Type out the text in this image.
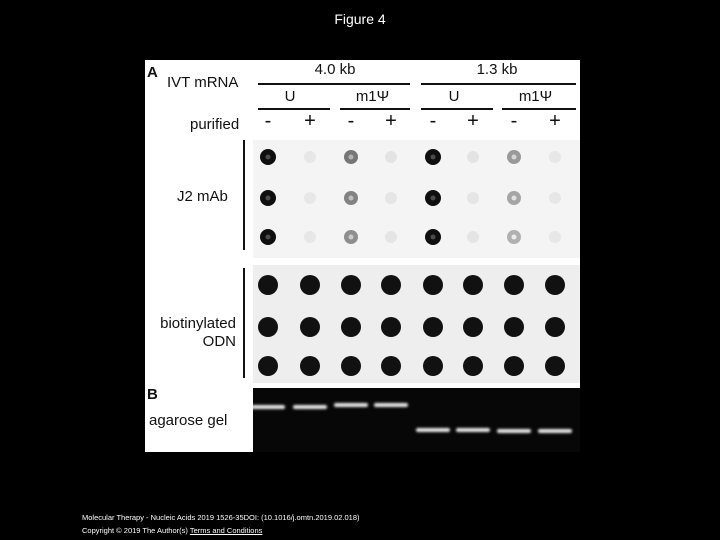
Figure 4
A
IVT mRNA
4.0 kb	1.3 kb
U	m1Ψ	U	m1Ψ
purified	-	+	-	+	-	+	-	+
J2 mAb
biotinylated
ODN
B
agarose gel
Molecular Therapy - Nucleic Acids 2019 1526-35DOI: (10.1016/j.omtn.2019.02.018)
Copyright © 2019 The Author(s) Terms and Conditions
